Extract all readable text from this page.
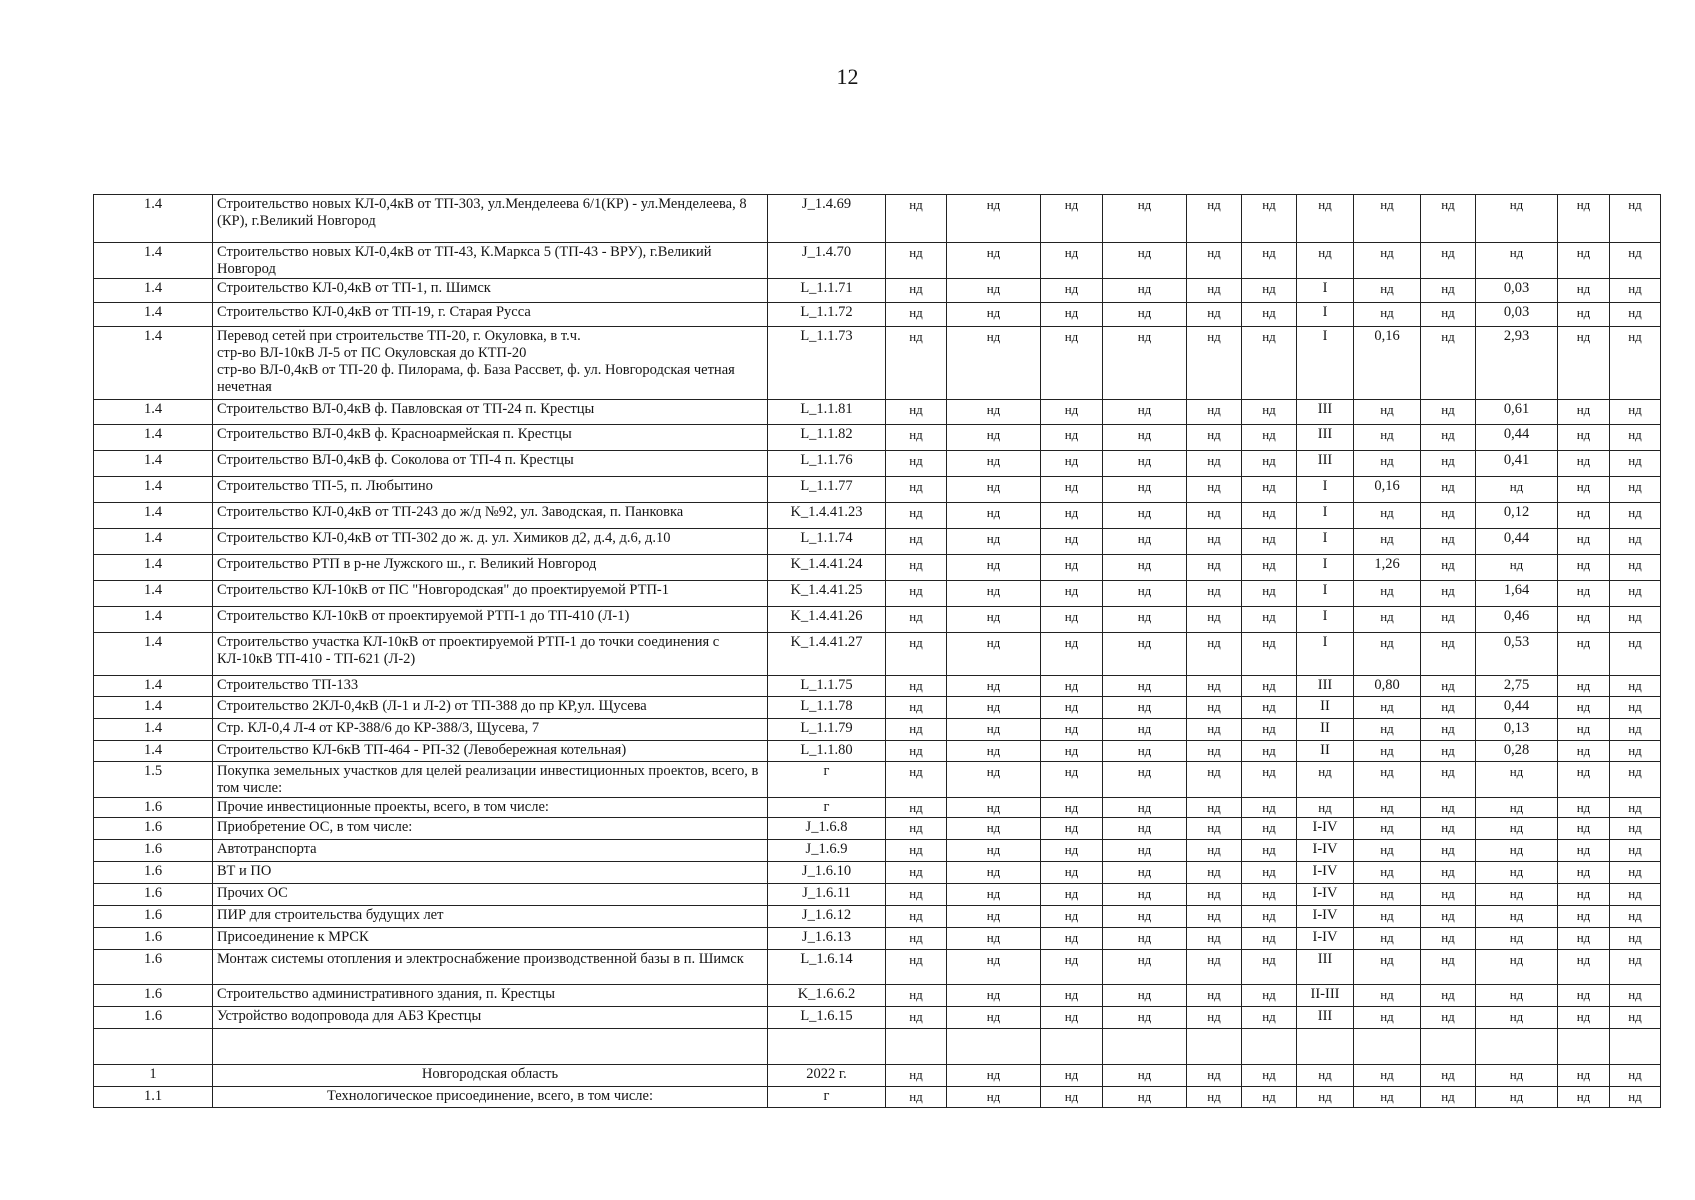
12
1.4	Строительство новых КЛ-0,4кВ от ТП-303, ул.Менделеева 6/1(КР) - ул.Менделеева, 8 (КР), г.Великий Новгород	J_1.4.69	нд	нд	нд	нд	нд	нд	нд	нд	нд	нд	нд	нд
1.4	Строительство новых КЛ-0,4кВ от ТП-43, К.Маркса 5 (ТП-43 - ВРУ), г.Великий Новгород	J_1.4.70	нд	нд	нд	нд	нд	нд	нд	нд	нд	нд	нд	нд
1.4	Строительство КЛ-0,4кВ от ТП-1, п. Шимск	L_1.1.71	нд	нд	нд	нд	нд	нд	I	нд	нд	0,03	нд	нд
1.4	Строительство КЛ-0,4кВ от ТП-19, г. Старая Русса	L_1.1.72	нд	нд	нд	нд	нд	нд	I	нд	нд	0,03	нд	нд
1.4	Перевод сетей при строительстве ТП-20, г. Окуловка, в т.ч.
стр-во ВЛ-10кВ Л-5 от ПС Окуловская до КТП-20
стр-во ВЛ-0,4кВ от ТП-20 ф. Пилорама, ф. База Рассвет, ф. ул. Новгородская четная нечетная	L_1.1.73	нд	нд	нд	нд	нд	нд	I	0,16	нд	2,93	нд	нд
1.4	Строительство ВЛ-0,4кВ ф. Павловская от ТП-24 п. Крестцы	L_1.1.81	нд	нд	нд	нд	нд	нд	III	нд	нд	0,61	нд	нд
1.4	Строительство ВЛ-0,4кВ ф. Красноармейская п. Крестцы	L_1.1.82	нд	нд	нд	нд	нд	нд	III	нд	нд	0,44	нд	нд
1.4	Строительство ВЛ-0,4кВ ф. Соколова от ТП-4 п. Крестцы	L_1.1.76	нд	нд	нд	нд	нд	нд	III	нд	нд	0,41	нд	нд
1.4	Строительство ТП-5, п. Любытино	L_1.1.77	нд	нд	нд	нд	нд	нд	I	0,16	нд	нд	нд	нд
1.4	Строительство КЛ-0,4кВ от ТП-243 до ж/д №92, ул. Заводская, п. Панковка	K_1.4.41.23	нд	нд	нд	нд	нд	нд	I	нд	нд	0,12	нд	нд
1.4	Строительство КЛ-0,4кВ от ТП-302 до ж. д. ул. Химиков д2, д.4, д.6, д.10	L_1.1.74	нд	нд	нд	нд	нд	нд	I	нд	нд	0,44	нд	нд
1.4	Строительство РТП в р-не Лужского ш., г. Великий Новгород	K_1.4.41.24	нд	нд	нд	нд	нд	нд	I	1,26	нд	нд	нд	нд
1.4	Строительство КЛ-10кВ от ПС "Новгородская" до проектируемой РТП-1	K_1.4.41.25	нд	нд	нд	нд	нд	нд	I	нд	нд	1,64	нд	нд
1.4	Строительство КЛ-10кВ от проектируемой РТП-1 до ТП-410 (Л-1)	K_1.4.41.26	нд	нд	нд	нд	нд	нд	I	нд	нд	0,46	нд	нд
1.4	Строительство участка КЛ-10кВ от проектируемой РТП-1 до точки соединения с КЛ-10кВ ТП-410 - ТП-621 (Л-2)	K_1.4.41.27	нд	нд	нд	нд	нд	нд	I	нд	нд	0,53	нд	нд
1.4	Строительство ТП-133	L_1.1.75	нд	нд	нд	нд	нд	нд	III	0,80	нд	2,75	нд	нд
1.4	Строительство 2КЛ-0,4кВ (Л-1 и Л-2) от ТП-388 до пр КР,ул. Щусева	L_1.1.78	нд	нд	нд	нд	нд	нд	II	нд	нд	0,44	нд	нд
1.4	Стр. КЛ-0,4 Л-4 от КР-388/6 до КР-388/3, Щусева, 7	L_1.1.79	нд	нд	нд	нд	нд	нд	II	нд	нд	0,13	нд	нд
1.4	Строительство КЛ-6кВ ТП-464 - РП-32 (Левобережная котельная)	L_1.1.80	нд	нд	нд	нд	нд	нд	II	нд	нд	0,28	нд	нд
1.5	Покупка земельных участков для целей реализации инвестиционных проектов, всего, в том числе:	г	нд	нд	нд	нд	нд	нд	нд	нд	нд	нд	нд	нд
1.6	Прочие инвестиционные проекты, всего, в том числе:	г	нд	нд	нд	нд	нд	нд	нд	нд	нд	нд	нд	нд
1.6	Приобретение ОС, в том числе:	J_1.6.8	нд	нд	нд	нд	нд	нд	I-IV	нд	нд	нд	нд	нд
1.6	Автотранспорта	J_1.6.9	нд	нд	нд	нд	нд	нд	I-IV	нд	нд	нд	нд	нд
1.6	ВТ и ПО	J_1.6.10	нд	нд	нд	нд	нд	нд	I-IV	нд	нд	нд	нд	нд
1.6	Прочих ОС	J_1.6.11	нд	нд	нд	нд	нд	нд	I-IV	нд	нд	нд	нд	нд
1.6	ПИР для строительства будущих лет	J_1.6.12	нд	нд	нд	нд	нд	нд	I-IV	нд	нд	нд	нд	нд
1.6	Присоединение к МРСК	J_1.6.13	нд	нд	нд	нд	нд	нд	I-IV	нд	нд	нд	нд	нд
1.6	Монтаж системы отопления и электроснабжение производственной базы в п. Шимск	L_1.6.14	нд	нд	нд	нд	нд	нд	III	нд	нд	нд	нд	нд
1.6	Строительство административного здания, п. Крестцы	K_1.6.6.2	нд	нд	нд	нд	нд	нд	II-III	нд	нд	нд	нд	нд
1.6	Устройство водопровода для АБЗ Крестцы	L_1.6.15	нд	нд	нд	нд	нд	нд	III	нд	нд	нд	нд	нд

1	Новгородская область	2022 г.	нд	нд	нд	нд	нд	нд	нд	нд	нд	нд	нд	нд
1.1	Технологическое присоединение, всего, в том числе:	г	нд	нд	нд	нд	нд	нд	нд	нд	нд	нд	нд	нд
